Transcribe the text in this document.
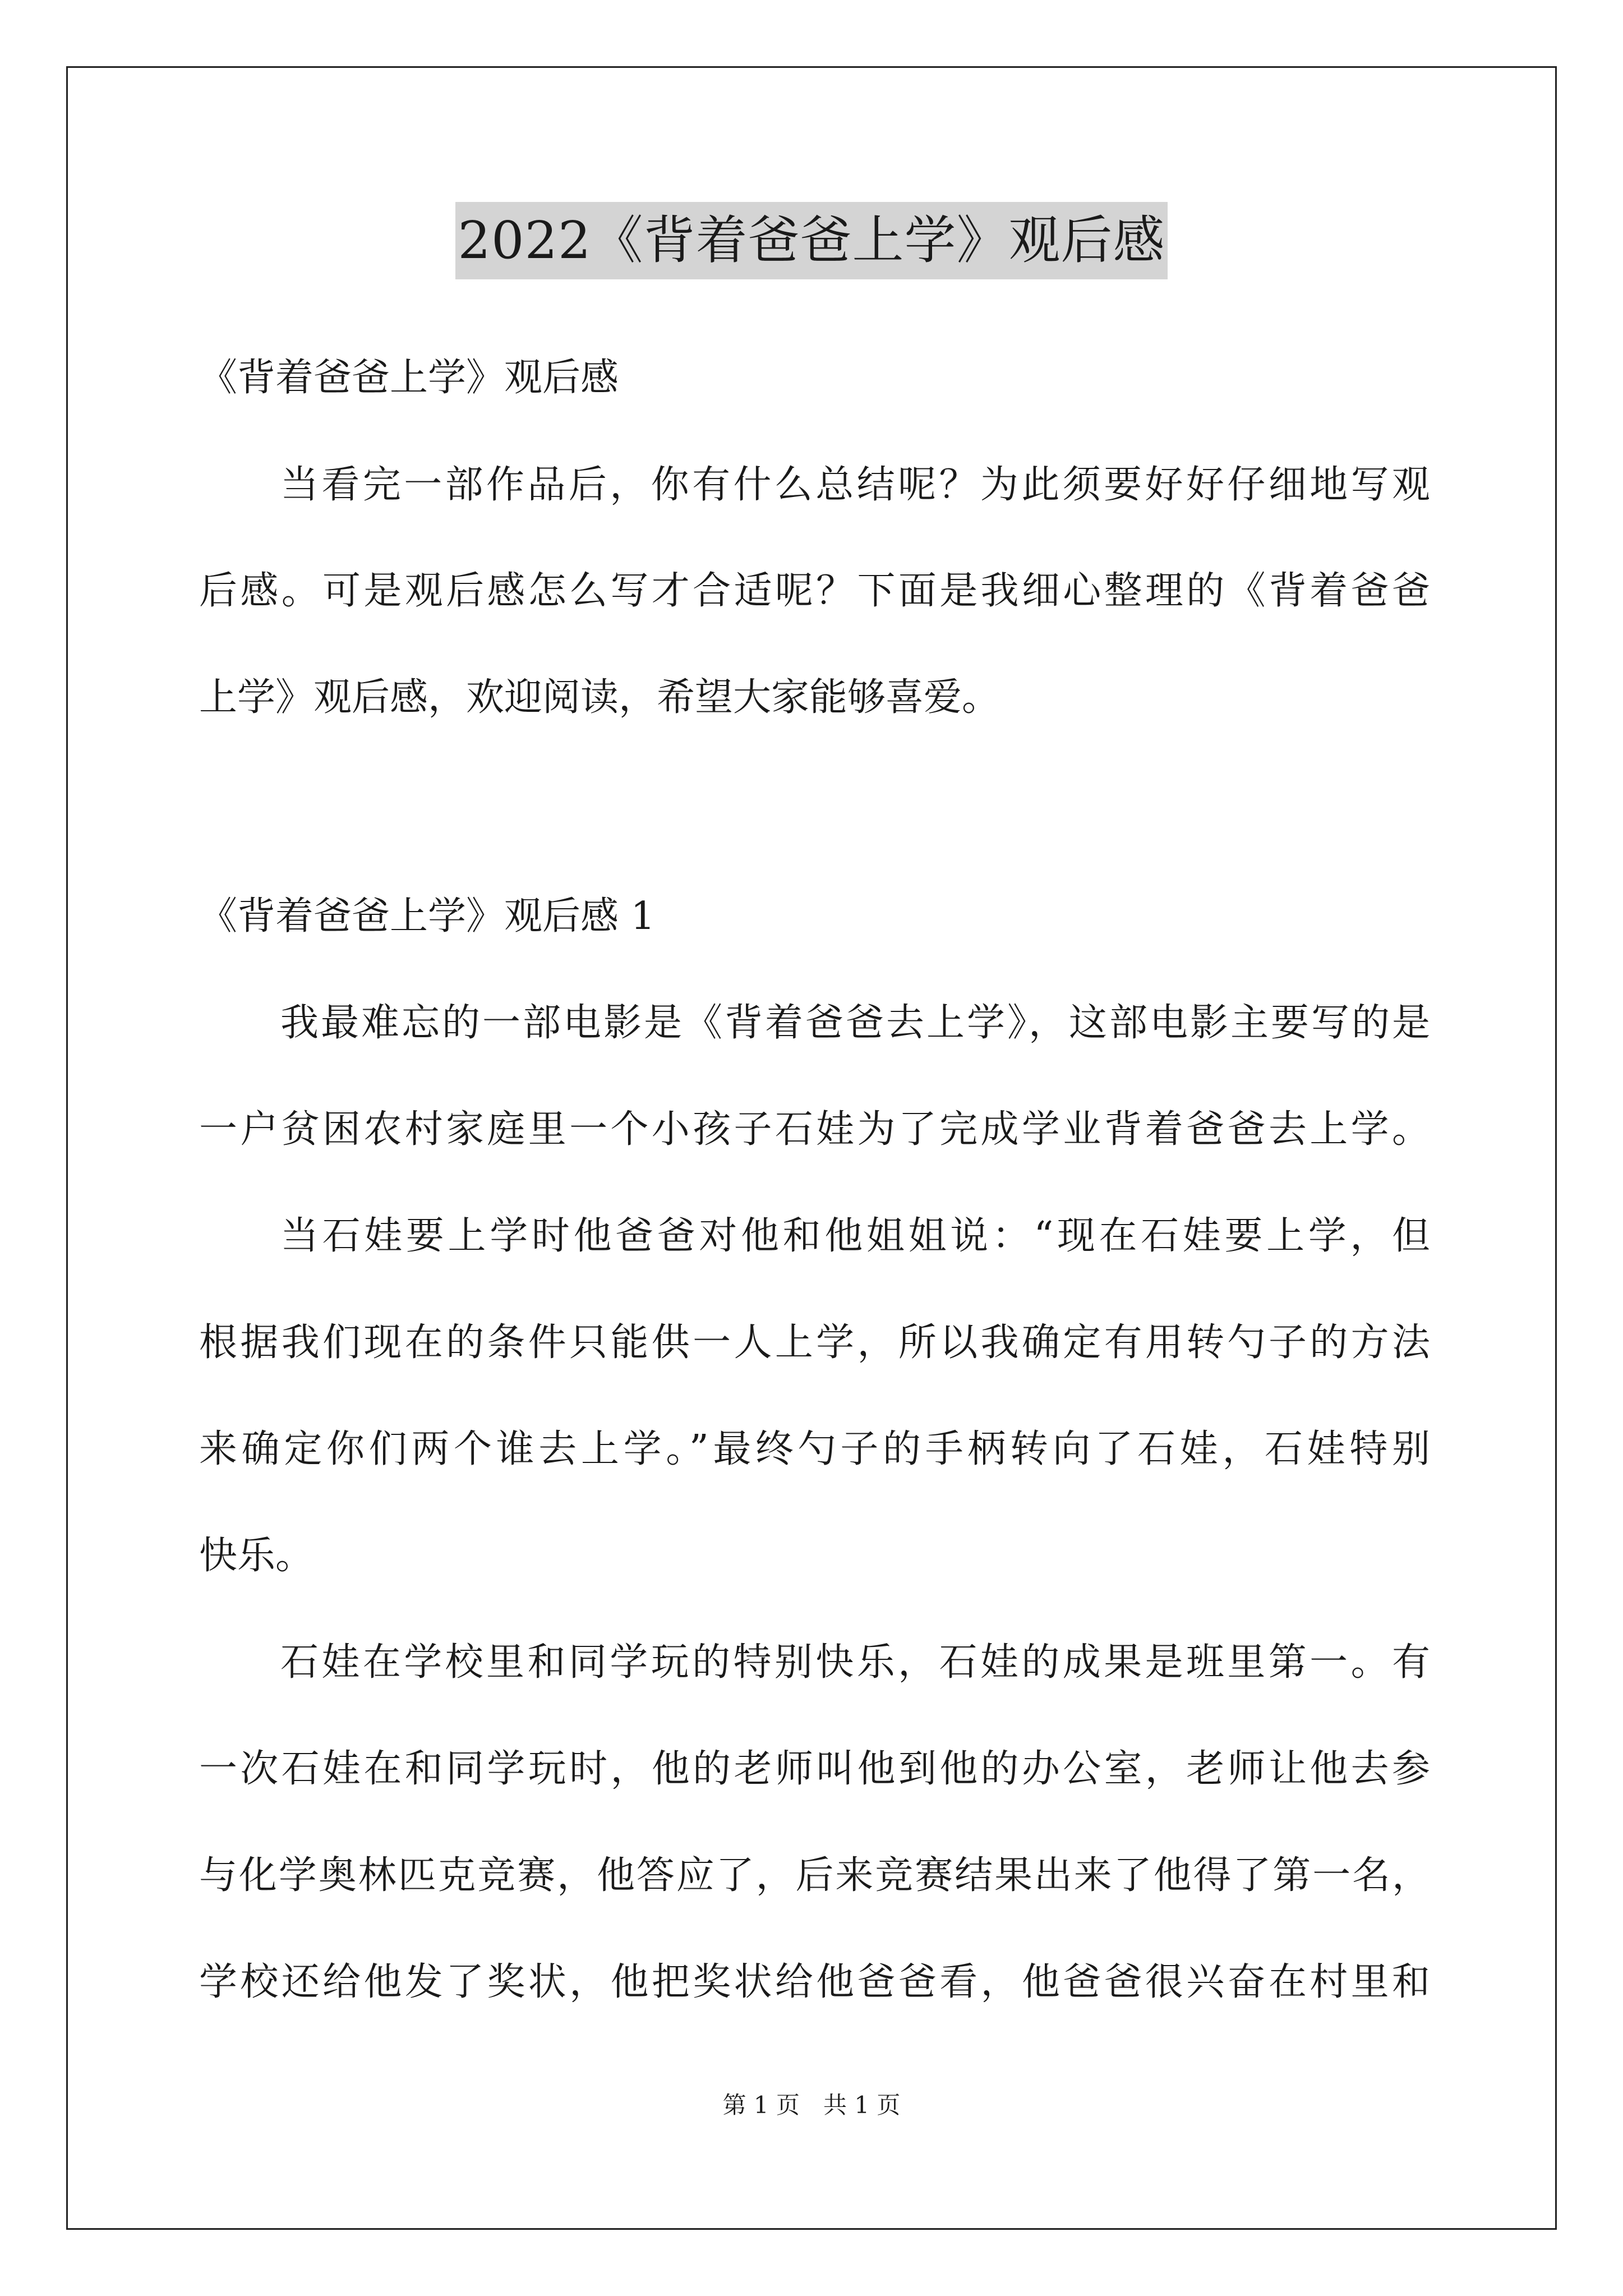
2022《背着爸爸上学》观后感
《背着爸爸上学》观后感
当看完一部作品后，你有什么总结呢？为此须要好好仔细地写观
后感。可是观后感怎么写才合适呢？下面是我细心整理的《背着爸爸
上学》观后感，欢迎阅读，希望大家能够喜爱。
《背着爸爸上学》观后感 1
我最难忘的一部电影是《背着爸爸去上学》，这部电影主要写的是
一户贫困农村家庭里一个小孩子石娃为了完成学业背着爸爸去上学。
当石娃要上学时他爸爸对他和他姐姐说：“现在石娃要上学，但
根据我们现在的条件只能供一人上学，所以我确定有用转勺子的方法
来确定你们两个谁去上学。”最终勺子的手柄转向了石娃，石娃特别
快乐。
石娃在学校里和同学玩的特别快乐，石娃的成果是班里第一。有
一次石娃在和同学玩时，他的老师叫他到他的办公室，老师让他去参
与化学奥林匹克竞赛，他答应了，后来竞赛结果出来了他得了第一名，
学校还给他发了奖状，他把奖状给他爸爸看，他爸爸很兴奋在村里和
第 1 页　共 1 页
